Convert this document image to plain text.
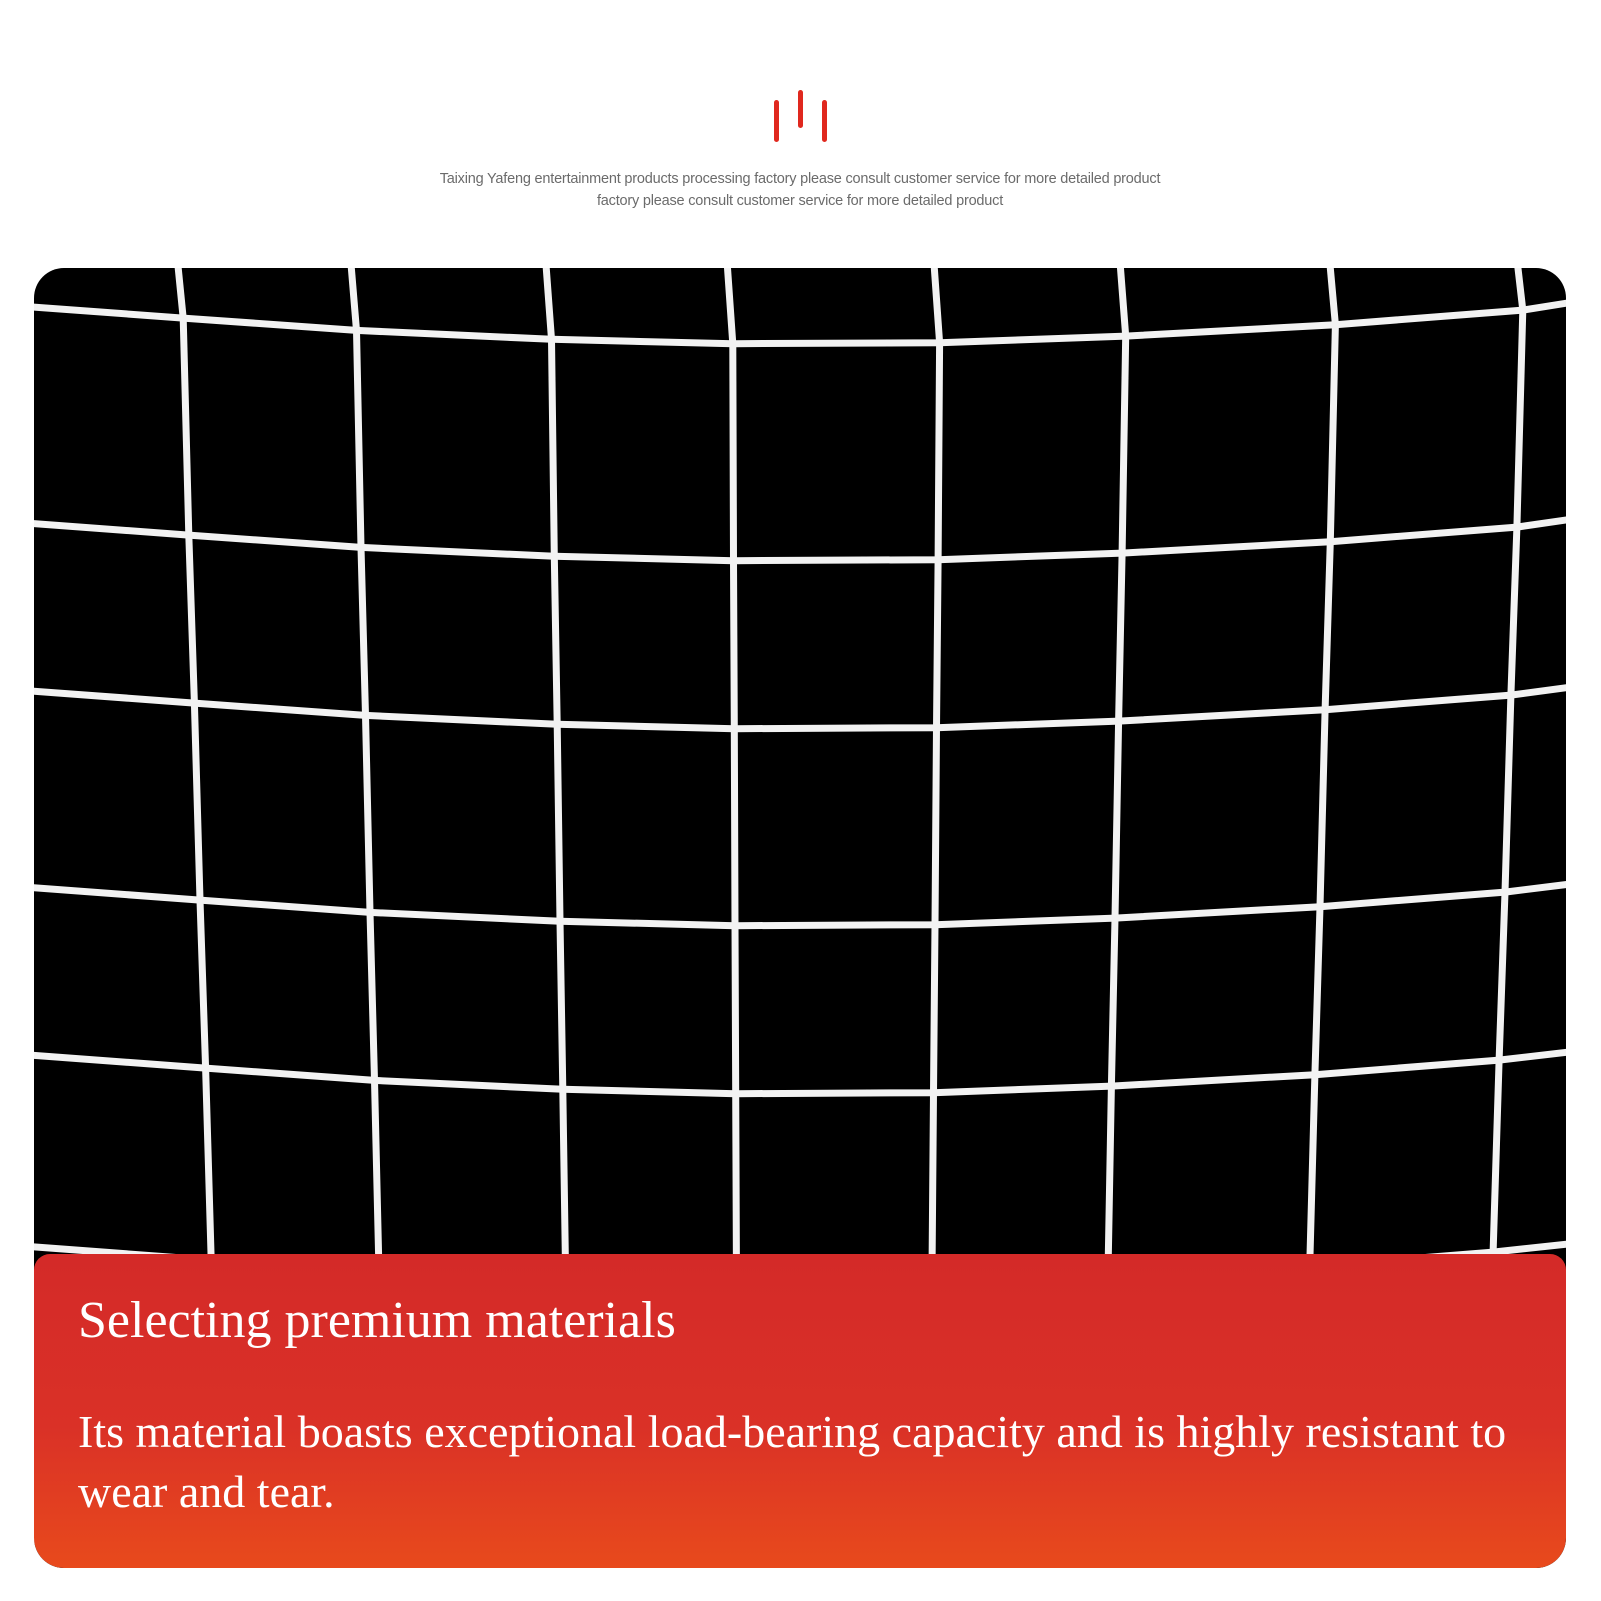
Taixing Yafeng entertainment products processing factory please consult customer service for more detailed product
factory please consult customer service for more detailed product
Selecting premium materials

Its material boasts exceptional load-bearing capacity and is highly resistant to wear and tear.
